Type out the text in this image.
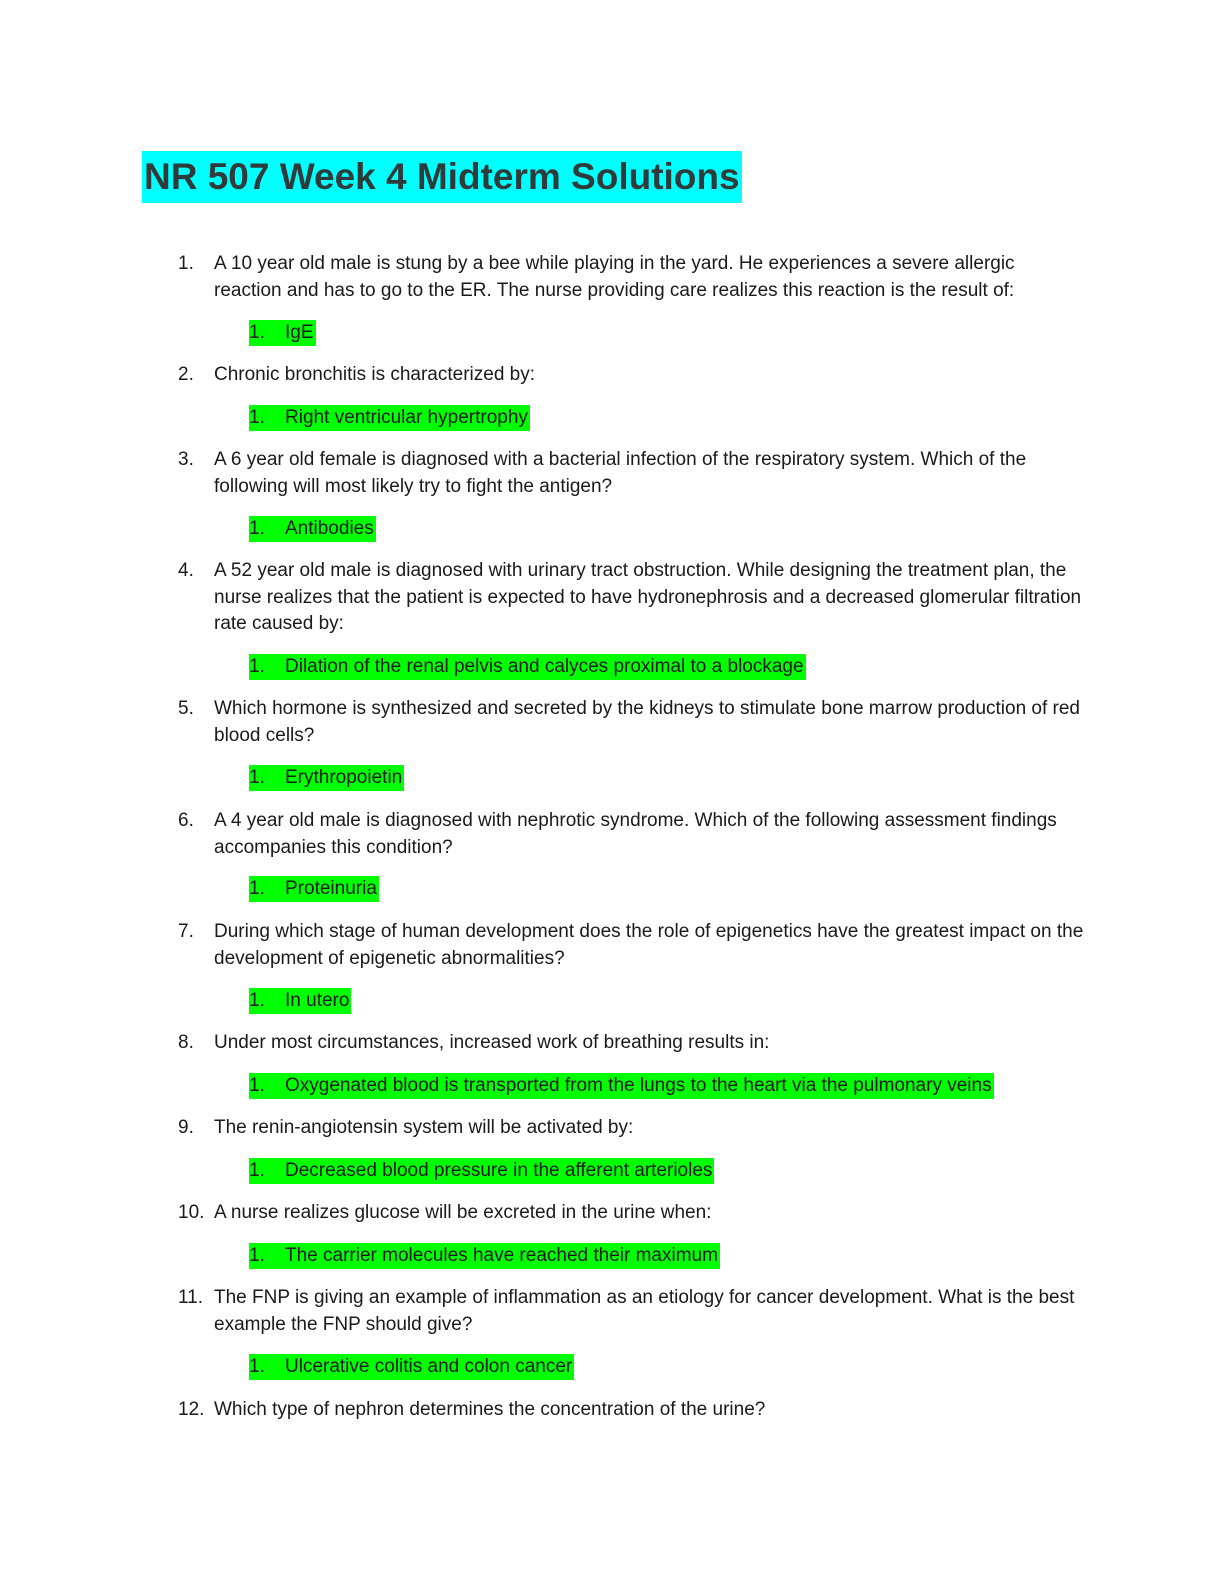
NR 507 Week 4 Midterm Solutions
1. A 10 year old male is stung by a bee while playing in the yard. He experiences a severe allergic reaction and has to go to the ER. The nurse providing care realizes this reaction is the result of:
1. IgE
2. Chronic bronchitis is characterized by:
1. Right ventricular hypertrophy
3. A 6 year old female is diagnosed with a bacterial infection of the respiratory system. Which of the following will most likely try to fight the antigen?
1. Antibodies
4. A 52 year old male is diagnosed with urinary tract obstruction. While designing the treatment plan, the nurse realizes that the patient is expected to have hydronephrosis and a decreased glomerular filtration rate caused by:
1. Dilation of the renal pelvis and calyces proximal to a blockage
5. Which hormone is synthesized and secreted by the kidneys to stimulate bone marrow production of red blood cells?
1. Erythropoietin
6. A 4 year old male is diagnosed with nephrotic syndrome. Which of the following assessment findings accompanies this condition?
1. Proteinuria
7. During which stage of human development does the role of epigenetics have the greatest impact on the development of epigenetic abnormalities?
1. In utero
8. Under most circumstances, increased work of breathing results in:
1. Oxygenated blood is transported from the lungs to the heart via the pulmonary veins
9. The renin-angiotensin system will be activated by:
1. Decreased blood pressure in the afferent arterioles
10. A nurse realizes glucose will be excreted in the urine when:
1. The carrier molecules have reached their maximum
11. The FNP is giving an example of inflammation as an etiology for cancer development. What is the best example the FNP should give?
1. Ulcerative colitis and colon cancer
12. Which type of nephron determines the concentration of the urine?
